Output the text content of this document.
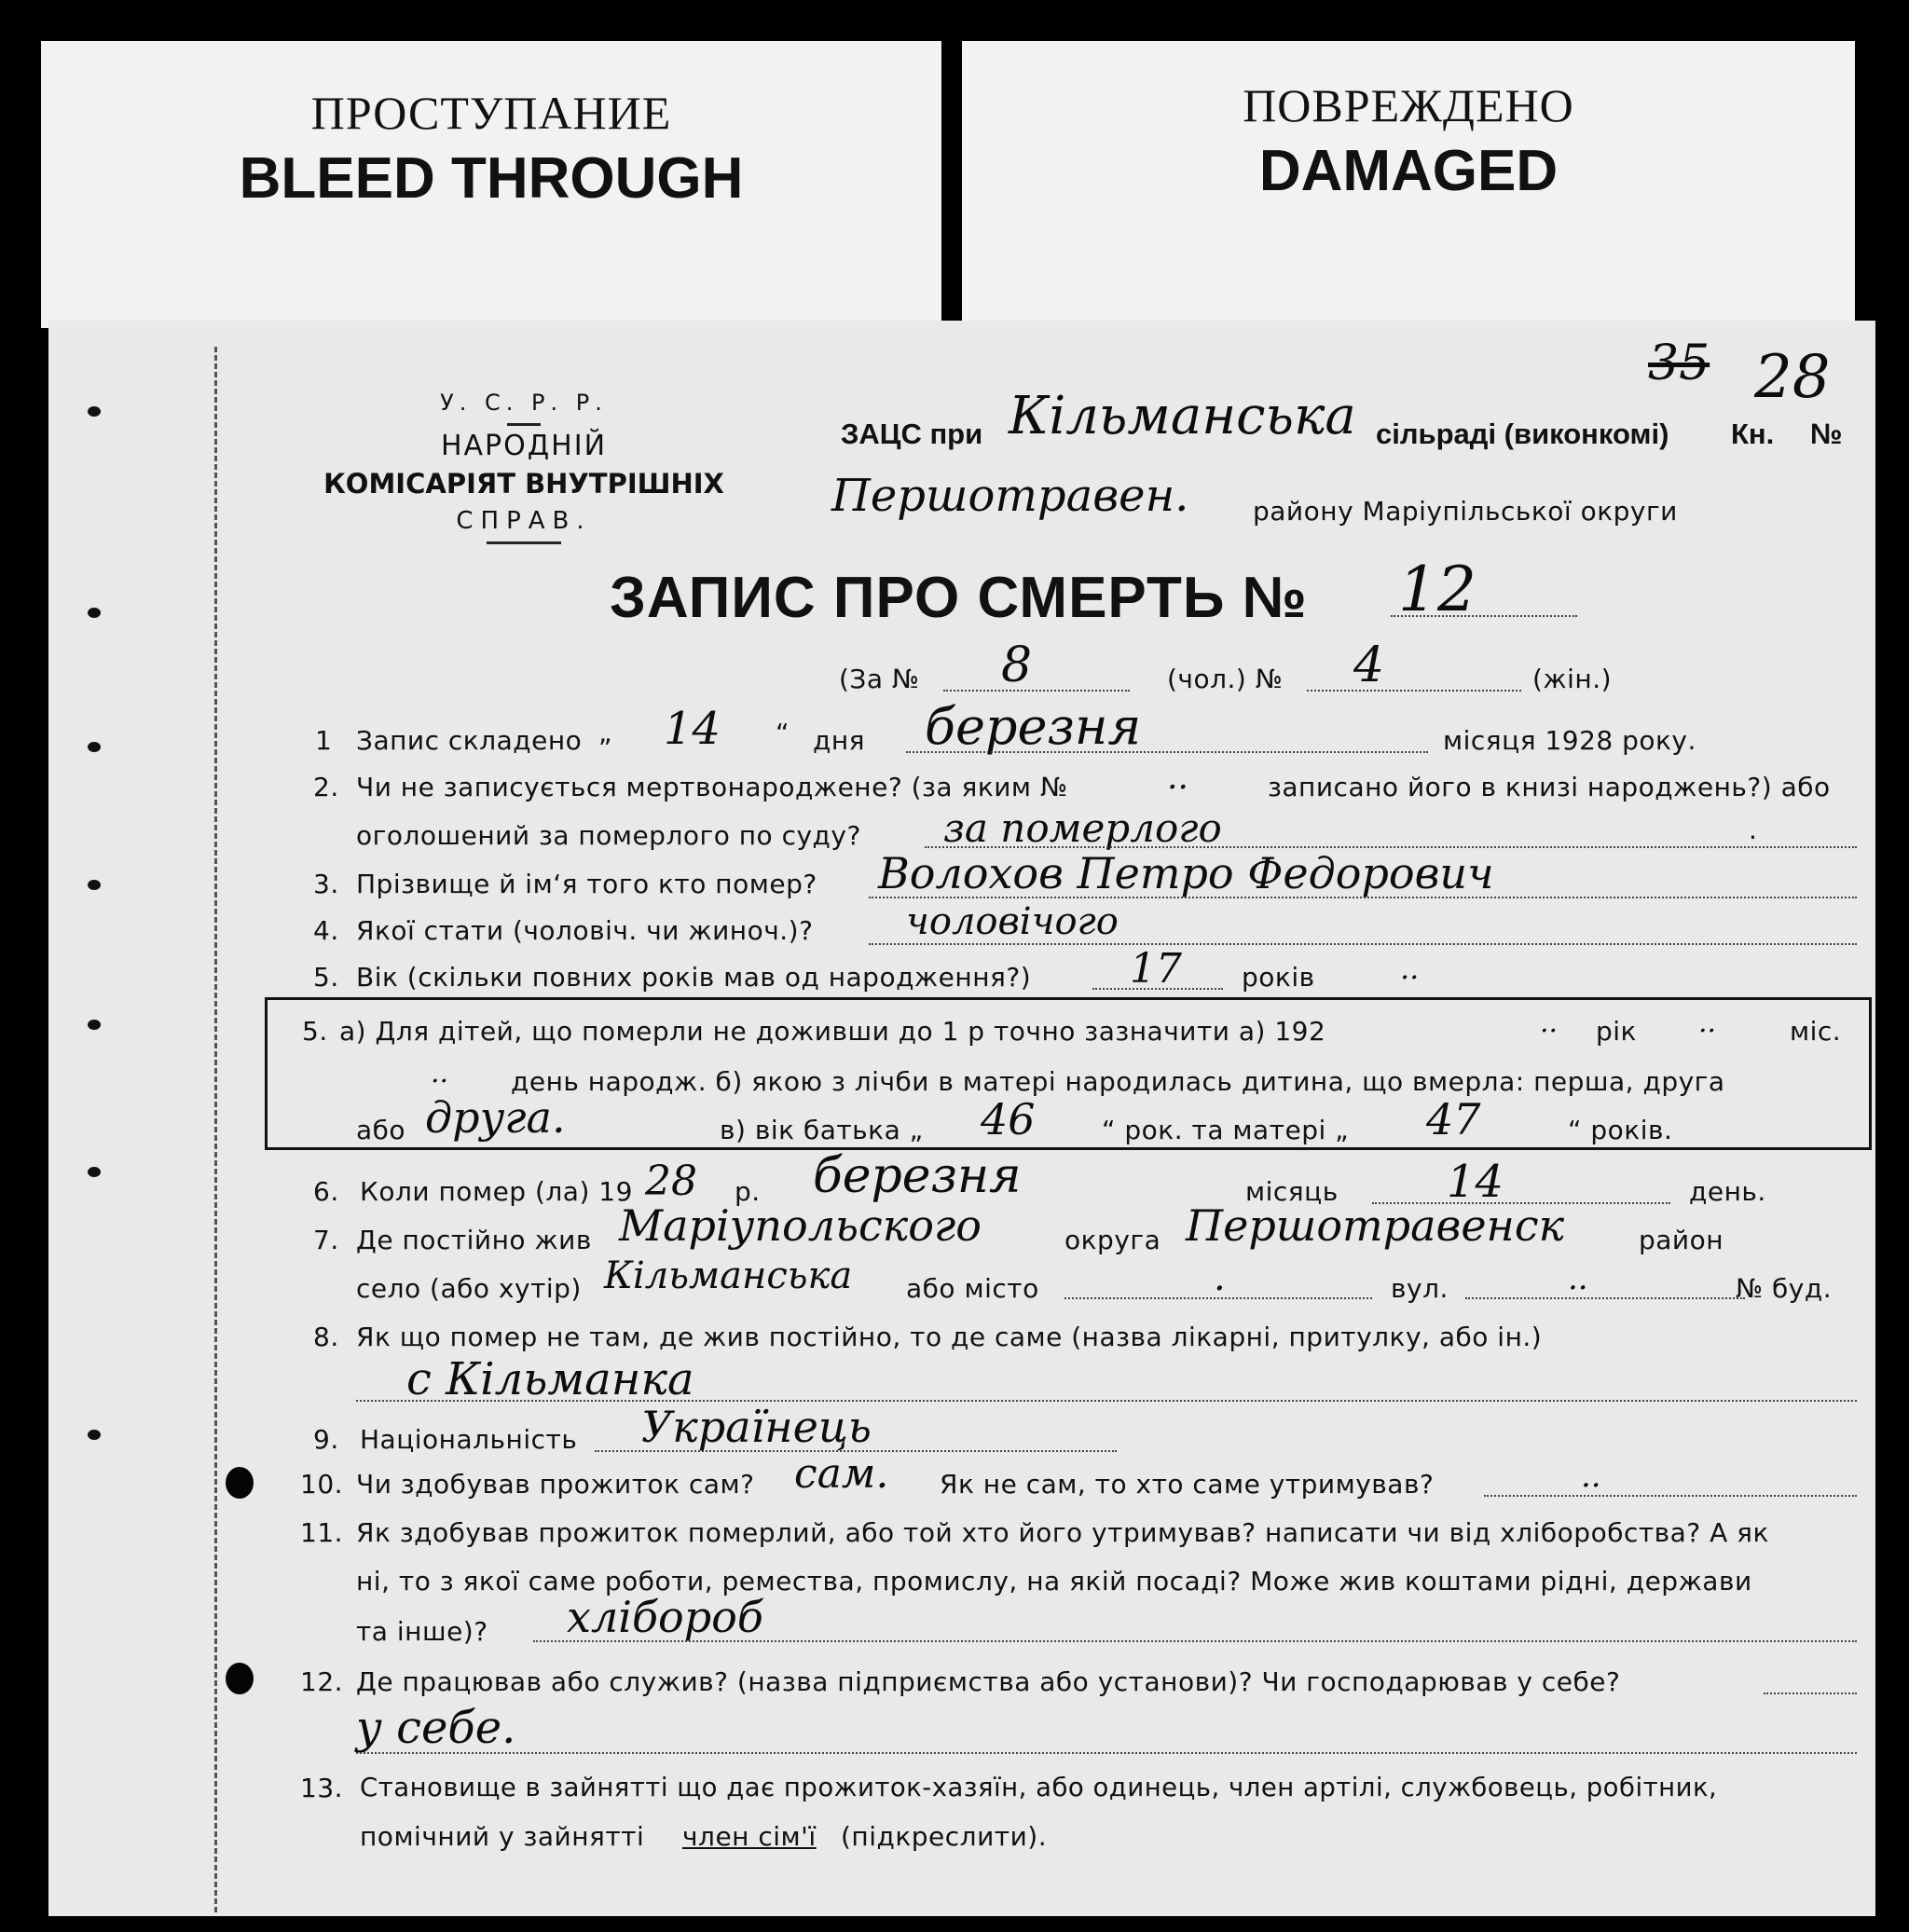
ПРОСТУПАНИЕ
BLEED THROUGH
ПОВРЕЖДЕНО
DAMAGED
35 28
У. С. Р. Р.
НАРОДНІЙ
КОМІСАРІЯТ ВНУТРІШНІХ
СПРАВ.
ЗАЦС при Кільманська сільраді (виконкомі) Кн. №
Першотравен. району Маріупільської округи
ЗАПИС ПРО СМЕРТЬ № 12
(За № 8	(чол.) № 4	(жін.)
1 Запис складено „ 14 “ дня березня	місяця 1928 року.
2. Чи не записується мертвонароджене? (за яким №	..	записано його в книзі народжень?) або
оголошений за померлого по суду? за померлого	.
3. Прізвище й ім‘я того кто помер? Волохов Петро Федорович
4. Якої стати (чоловіч. чи жиноч.)? чоловічого
5. Вік (скільки повних років мав од народження?) 17 років	..
5. а) Для дітей, що померли не доживши до 1 р точно зазначити а) 192	.. рік ..	міс.
.. день народж. б) якою з лічби в матері народилась дитина, що вмерла: перша, друга
або друга.	в) вік батька „ 46	“ рок. та матері „ 47	“ років.
6. Коли помер (ла) 19 28 р. березня	місяць 14	день.
7. Де постійно жив Маріупольского	округа Першотравенск	район
село (або хутір) Кільманська або місто	.	вул.	..	№ буд.
8. Як що помер не там, де жив постійно, то де саме (назва лікарні, притулку, або ін.)
с Кільманка
9. Національність Українець
10. Чи здобував прожиток сам? сам. Як не сам, то хто саме утримував?	..
11. Як здобував прожиток померлий, або той хто його утримував? написати чи від хліборобства? А як
ні, то з якої саме роботи, ремества, промислу, на якій посаді? Може жив коштами рідні, держави
та інше)? хлібороб
12. Де працював або служив? (назва підприємства або установи)? Чи господарював у себе?
у себе.
13. Становище в зайнятті що дає прожиток-хазяїн, або одинець, член артілі, службовець, робітник,
помічний у зайнятті член сім'ї (підкреслити).
